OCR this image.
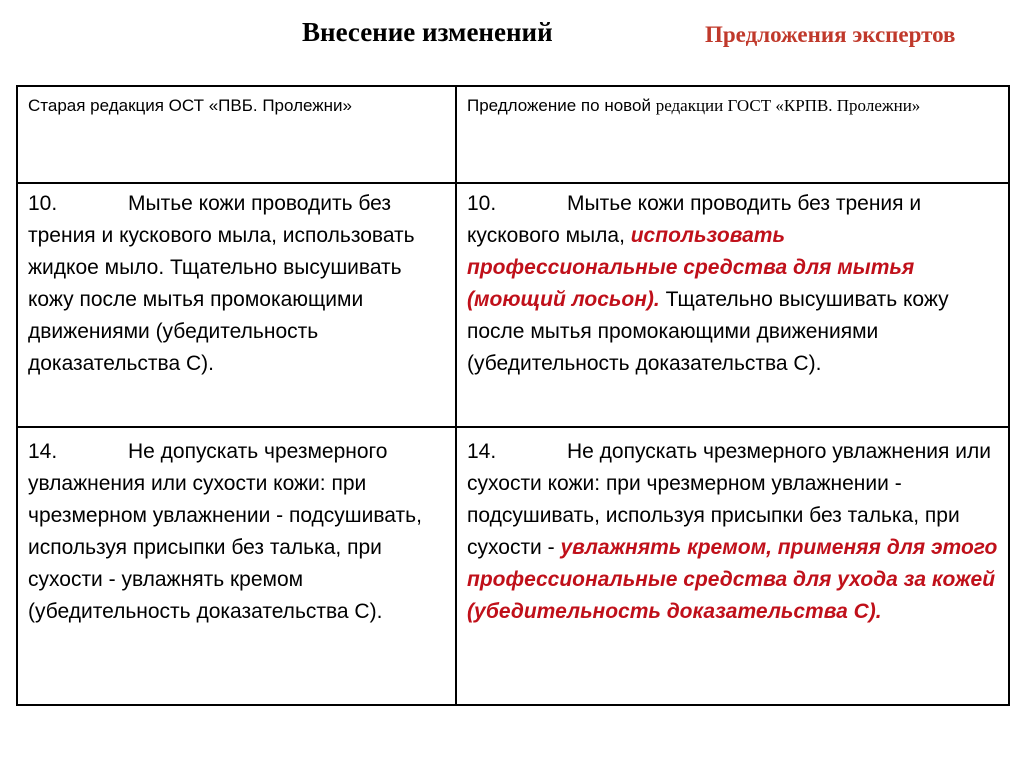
Внесение изменений	Предложения экспертов
Старая редакция ОСТ «ПВБ. Пролежни»	Предложение по новой редакции ГОСТ «КРПВ. Пролежни»
10. Мытье кожи проводить без трения и кускового мыла, использовать жидкое мыло. Тщательно высушивать кожу после мытья промокающими движениями (убедительность доказательства С).	10. Мытье кожи проводить без трения и кускового мыла, использовать профессиональные средства для мытья (моющий лосьон). Тщательно высушивать кожу после мытья промокающими движениями (убедительность доказательства С).
14. Не допускать чрезмерного увлажнения или сухости кожи: при чрезмерном увлажнении - подсушивать, используя присыпки без талька, при сухости - увлажнять кремом (убедительность доказательства С).	14. Не допускать чрезмерного увлажнения или сухости кожи: при чрезмерном увлажнении - подсушивать, используя присыпки без талька, при сухости - увлажнять кремом, применяя для этого профессиональные средства для ухода за кожей (убедительность доказательства С).
